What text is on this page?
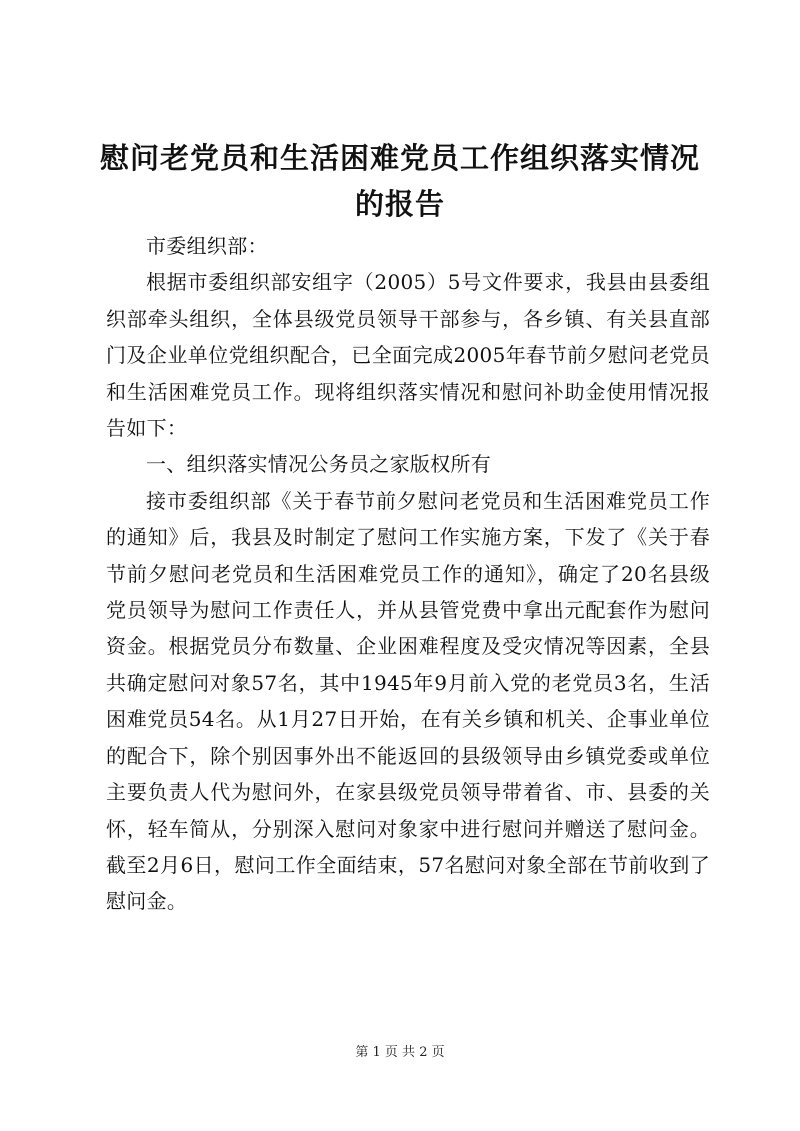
慰问老党员和生活困难党员工作组织落实情况
的报告

市委组织部：

根据市委组织部安组字（2005）5号文件要求，我县由县委组织部牵头组织，全体县级党员领导干部参与，各乡镇、有关县直部门及企业单位党组织配合，已全面完成2005年春节前夕慰问老党员和生活困难党员工作。现将组织落实情况和慰问补助金使用情况报告如下：

一、组织落实情况公务员之家版权所有

接市委组织部《关于春节前夕慰问老党员和生活困难党员工作的通知》后，我县及时制定了慰问工作实施方案，下发了《关于春节前夕慰问老党员和生活困难党员工作的通知》，确定了20名县级党员领导为慰问工作责任人，并从县管党费中拿出元配套作为慰问资金。根据党员分布数量、企业困难程度及受灾情况等因素，全县共确定慰问对象57名，其中1945年9月前入党的老党员3名，生活困难党员54名。从1月27日开始，在有关乡镇和机关、企事业单位的配合下，除个别因事外出不能返回的县级领导由乡镇党委或单位主要负责人代为慰问外，在家县级党员领导带着省、市、县委的关怀，轻车简从，分别深入慰问对象家中进行慰问并赠送了慰问金。截至2月6日，慰问工作全面结束，57名慰问对象全部在节前收到了慰问金。

第 1 页 共 2 页
